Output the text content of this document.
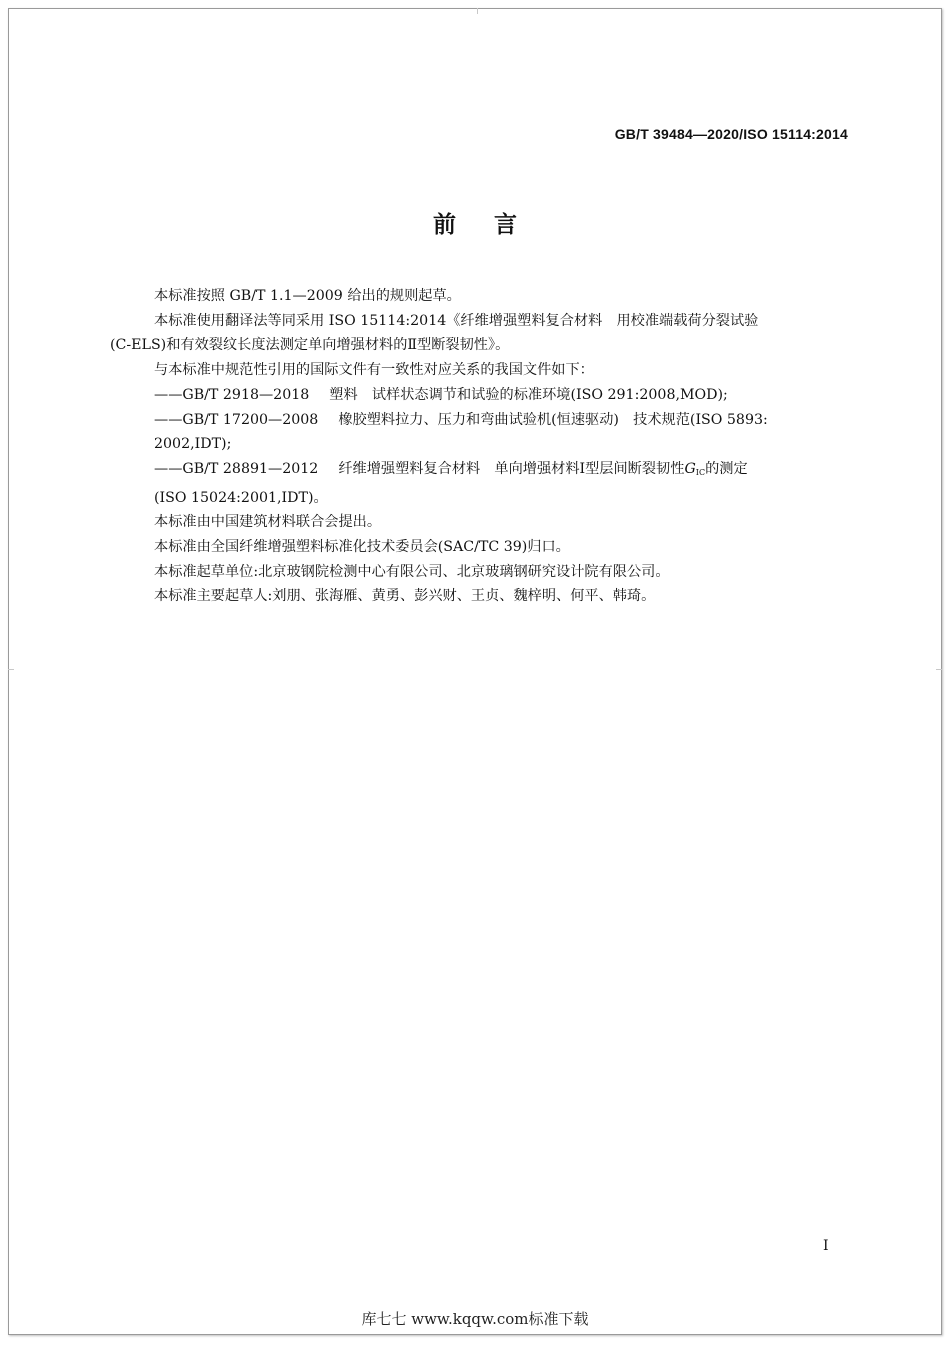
GB/T 39484—2020/ISO 15114:2014
前言

本标准按照 GB/T 1.1—2009 给出的规则起草。

本标准使用翻译法等同采用 ISO 15114:2014《纤维增强塑料复合材料　用校准端载荷分裂试验

(C-ELS)和有效裂纹长度法测定单向增强材料的Ⅱ型断裂韧性》。

与本标准中规范性引用的国际文件有一致性对应关系的我国文件如下：

——GB/T 2918—2018 塑料　试样状态调节和试验的标准环境(ISO 291:2008,MOD);

——GB/T 17200—2008 橡胶塑料拉力、压力和弯曲试验机(恒速驱动)　技术规范(ISO 5893:

2002,IDT);

——GB/T 28891—2012 纤维增强塑料复合材料　单向增强材料Ⅰ型层间断裂韧性$G_{IC}$的测定

(ISO 15024:2001,IDT)。

本标准由中国建筑材料联合会提出。

本标准由全国纤维增强塑料标准化技术委员会(SAC/TC 39)归口。

本标准起草单位:北京玻钢院检测中心有限公司、北京玻璃钢研究设计院有限公司。

本标准主要起草人:刘朋、张海雁、黄勇、彭兴财、王贞、魏梓明、何平、韩琦。

I
库七七 www.kqqw.com标准下载
